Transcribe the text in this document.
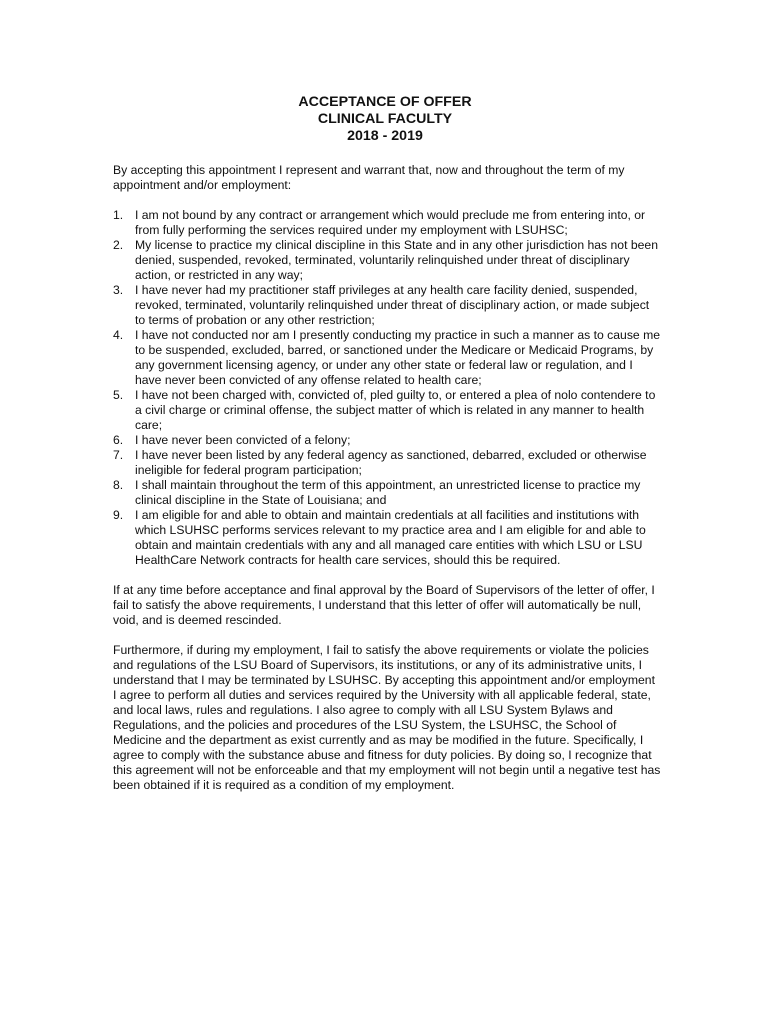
ACCEPTANCE OF OFFER
CLINICAL FACULTY
2018 - 2019

By accepting this appointment I represent and warrant that, now and throughout the term of my appointment and/or employment:

1. I am not bound by any contract or arrangement which would preclude me from entering into, or from fully performing the services required under my employment with LSUHSC;
2. My license to practice my clinical discipline in this State and in any other jurisdiction has not been denied, suspended, revoked, terminated, voluntarily relinquished under threat of disciplinary action, or restricted in any way;
3. I have never had my practitioner staff privileges at any health care facility denied, suspended, revoked, terminated, voluntarily relinquished under threat of disciplinary action, or made subject to terms of probation or any other restriction;
4. I have not conducted nor am I presently conducting my practice in such a manner as to cause me to be suspended, excluded, barred, or sanctioned under the Medicare or Medicaid Programs, by any government licensing agency, or under any other state or federal law or regulation, and I have never been convicted of any offense related to health care;
5. I have not been charged with, convicted of, pled guilty to, or entered a plea of nolo contendere to a civil charge or criminal offense, the subject matter of which is related in any manner to health care;
6. I have never been convicted of a felony;
7. I have never been listed by any federal agency as sanctioned, debarred, excluded or otherwise ineligible for federal program participation;
8. I shall maintain throughout the term of this appointment, an unrestricted license to practice my clinical discipline in the State of Louisiana; and
9. I am eligible for and able to obtain and maintain credentials at all facilities and institutions with which LSUHSC performs services relevant to my practice area and I am eligible for and able to obtain and maintain credentials with any and all managed care entities with which LSU or LSU HealthCare Network contracts for health care services, should this be required.

If at any time before acceptance and final approval by the Board of Supervisors of the letter of offer, I fail to satisfy the above requirements, I understand that this letter of offer will automatically be null, void, and is deemed rescinded.

Furthermore, if during my employment, I fail to satisfy the above requirements or violate the policies and regulations of the LSU Board of Supervisors, its institutions, or any of its administrative units, I understand that I may be terminated by LSUHSC. By accepting this appointment and/or employment I agree to perform all duties and services required by the University with all applicable federal, state, and local laws, rules and regulations. I also agree to comply with all LSU System Bylaws and Regulations, and the policies and procedures of the LSU System, the LSUHSC, the School of Medicine and the department as exist currently and as may be modified in the future. Specifically, I agree to comply with the substance abuse and fitness for duty policies. By doing so, I recognize that this agreement will not be enforceable and that my employment will not begin until a negative test has been obtained if it is required as a condition of my employment.
